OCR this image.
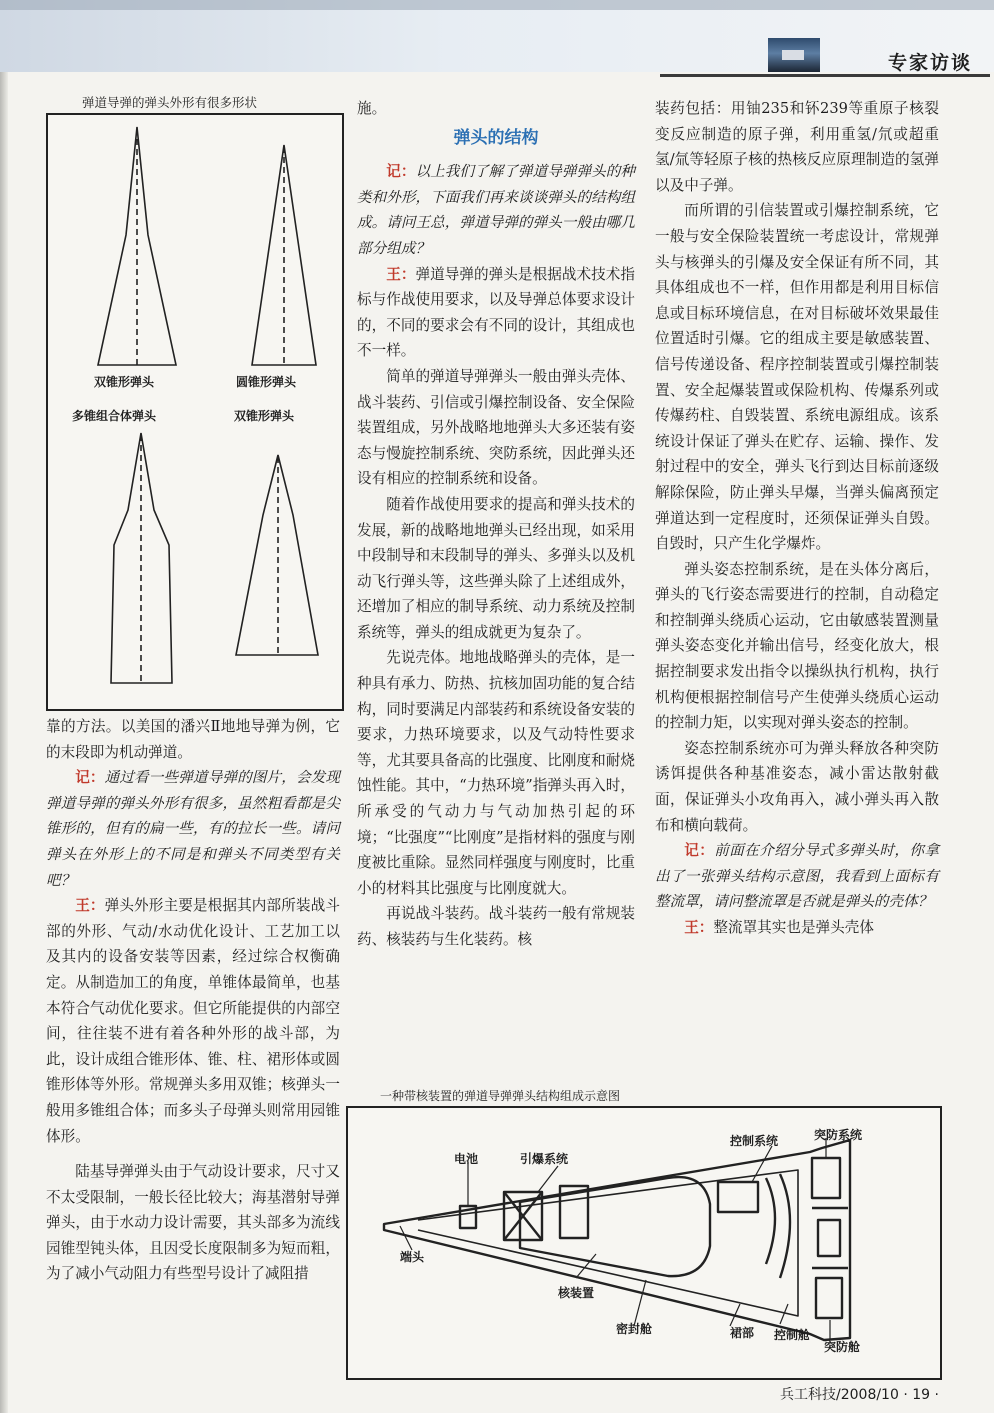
专家访谈
弹道导弹的弹头外形有很多形状
双锥形弹头	圆锥形弹头
多锥组合体弹头	双锥形弹头

靠的方法。以美国的潘兴Ⅱ地地导弹为例，它的末段即为机动弹道。

记：通过看一些弹道导弹的图片，会发现弹道导弹的弹头外形有很多，虽然粗看都是尖锥形的，但有的扁一些，有的拉长一些。请问弹头在外形上的不同是和弹头不同类型有关吧？

王：弹头外形主要是根据其内部所装战斗部的外形、气动/水动优化设计、工艺加工以及其内的设备安装等因素，经过综合权衡确定。从制造加工的角度，单锥体最简单，也基本符合气动优化要求。但它所能提供的内部空间，往往装不进有着各种外形的战斗部，为此，设计成组合锥形体、锥、柱、裙形体或圆锥形体等外形。常规弹头多用双锥；核弹头一般用多锥组合体；而多头子母弹头则常用园锥体形。

陆基导弹弹头由于气动设计要求，尺寸又不太受限制，一般长径比较大；海基潜射导弹弹头，由于水动力设计需要，其头部多为流线园锥型钝头体，且因受长度限制多为短而粗，为了减小气动阻力有些型号设计了减阻措

施。

弹头的结构

记：以上我们了解了弹道导弹弹头的种类和外形，下面我们再来谈谈弹头的结构组成。请问王总，弹道导弹的弹头一般由哪几部分组成？

王：弹道导弹的弹头是根据战术技术指标与作战使用要求，以及导弹总体要求设计的，不同的要求会有不同的设计，其组成也不一样。

简单的弹道导弹弹头一般由弹头壳体、战斗装药、引信或引爆控制设备、安全保险装置组成，另外战略地地弹头大多还装有姿态与慢旋控制系统、突防系统，因此弹头还设有相应的控制系统和设备。

随着作战使用要求的提高和弹头技术的发展，新的战略地地弹头已经出现，如采用中段制导和末段制导的弹头、多弹头以及机动飞行弹头等，这些弹头除了上述组成外，还增加了相应的制导系统、动力系统及控制系统等，弹头的组成就更为复杂了。

先说壳体。地地战略弹头的壳体，是一种具有承力、防热、抗核加固功能的复合结构，同时要满足内部装药和系统设备安装的要求，力热环境要求，以及气动特性要求等，尤其要具备高的比强度、比刚度和耐烧蚀性能。其中，“力热环境”指弹头再入时，所承受的气动力与气动加热引起的环境；“比强度”“比刚度”是指材料的强度与刚度被比重除。显然同样强度与刚度时，比重小的材料其比强度与比刚度就大。

再说战斗装药。战斗装药一般有常规装药、核装药与生化装药。核

装药包括：用铀235和钚239等重原子核裂变反应制造的原子弹，利用重氢/氘或超重氢/氚等轻原子核的热核反应原理制造的氢弹以及中子弹。

而所谓的引信装置或引爆控制系统，它一般与安全保险装置统一考虑设计，常规弹头与核弹头的引爆及安全保证有所不同，其具体组成也不一样，但作用都是利用目标信息或目标环境信息，在对目标破坏效果最佳位置适时引爆。它的组成主要是敏感装置、信号传递设备、程序控制装置或引爆控制装置、安全起爆装置或保险机构、传爆系列或传爆药柱、自毁装置、系统电源组成。该系统设计保证了弹头在贮存、运输、操作、发射过程中的安全，弹头飞行到达目标前逐级解除保险，防止弹头早爆，当弹头偏离预定弹道达到一定程度时，还须保证弹头自毁。自毁时，只产生化学爆炸。

弹头姿态控制系统，是在头体分离后，弹头的飞行姿态需要进行的控制，自动稳定和控制弹头绕质心运动，它由敏感装置测量弹头姿态变化并输出信号，经变化放大，根据控制要求发出指令以操纵执行机构，执行机构便根据控制信号产生使弹头绕质心运动的控制力矩，以实现对弹头姿态的控制。

姿态控制系统亦可为弹头释放各种突防诱饵提供各种基准姿态，减小雷达散射截面，保证弹头小攻角再入，减小弹头再入散布和横向载荷。

记：前面在介绍分导式多弹头时，你拿出了一张弹头结构示意图，我看到上面标有整流罩，请问整流罩是否就是弹头的壳体？

王：整流罩其实也是弹头壳体

一种带核装置的弹道导弹弹头结构组成示意图
电池	引爆系统
控制系统	突防系统
端头
核装置
密封舱	裙部 控制舱
突防舱
兵工科技/2008/10 · 19 ·
